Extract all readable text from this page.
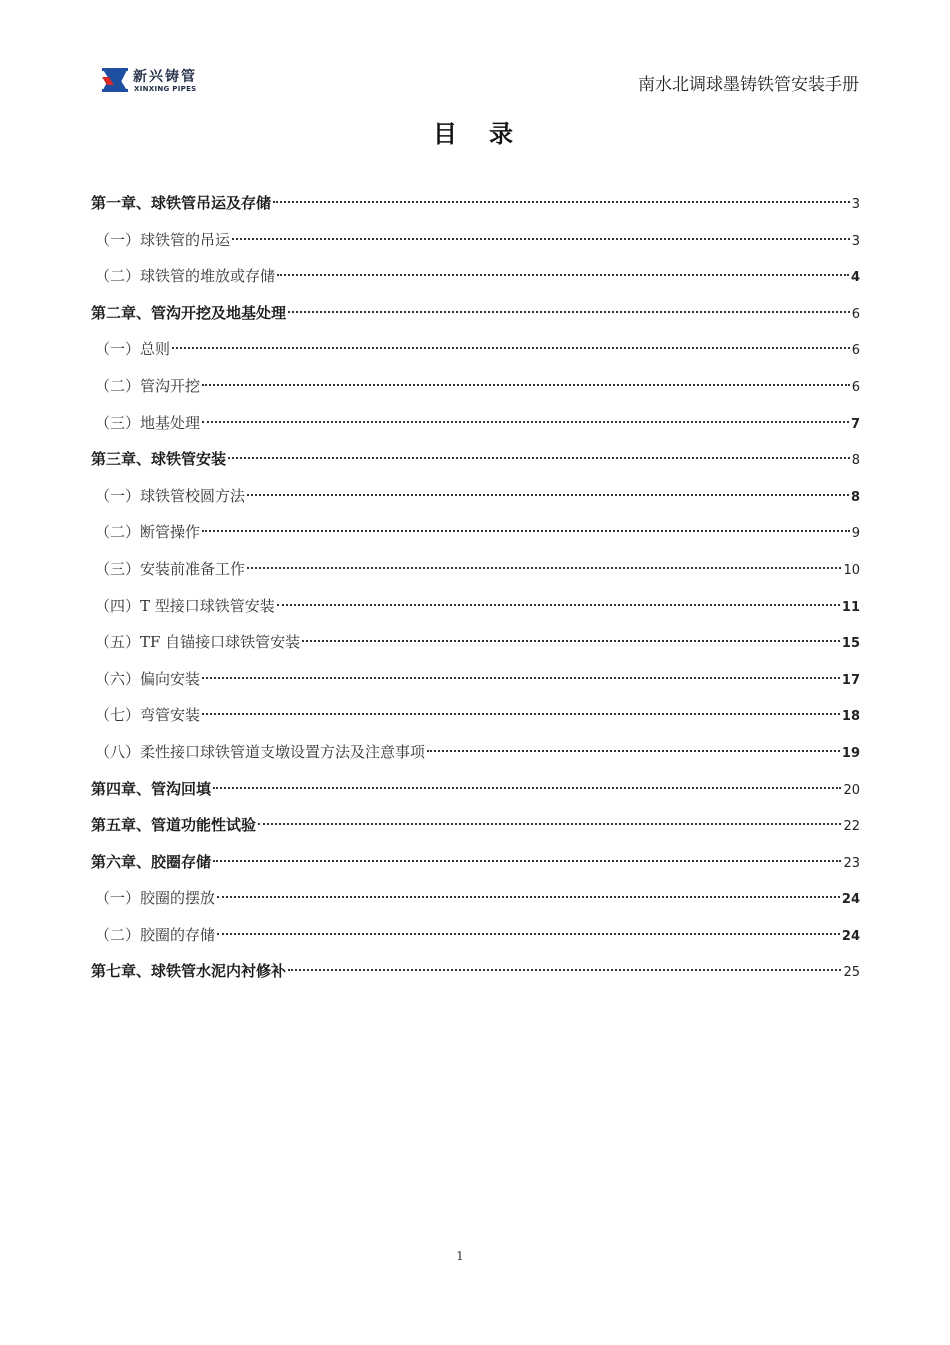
新兴铸管
XINXING PIPES	南水北调球墨铸铁管安装手册
目　录
第一章、球铁管吊运及存储	3
（一）球铁管的吊运	3
（二）球铁管的堆放或存储	4
第二章、管沟开挖及地基处理	6
（一）总则	6
（二）管沟开挖	6
（三）地基处理	7
第三章、球铁管安装	8
（一）球铁管校圆方法	8
（二）断管操作	9
（三）安装前准备工作	10
（四）T 型接口球铁管安装	11
（五）TF 自锚接口球铁管安装	15
（六）偏向安装	17
（七）弯管安装	18
（八）柔性接口球铁管道支墩设置方法及注意事项	19
第四章、管沟回填	20
第五章、管道功能性试验	22
第六章、胶圈存储	23
（一）胶圈的摆放	24
（二）胶圈的存储	24
第七章、球铁管水泥内衬修补	25
1
